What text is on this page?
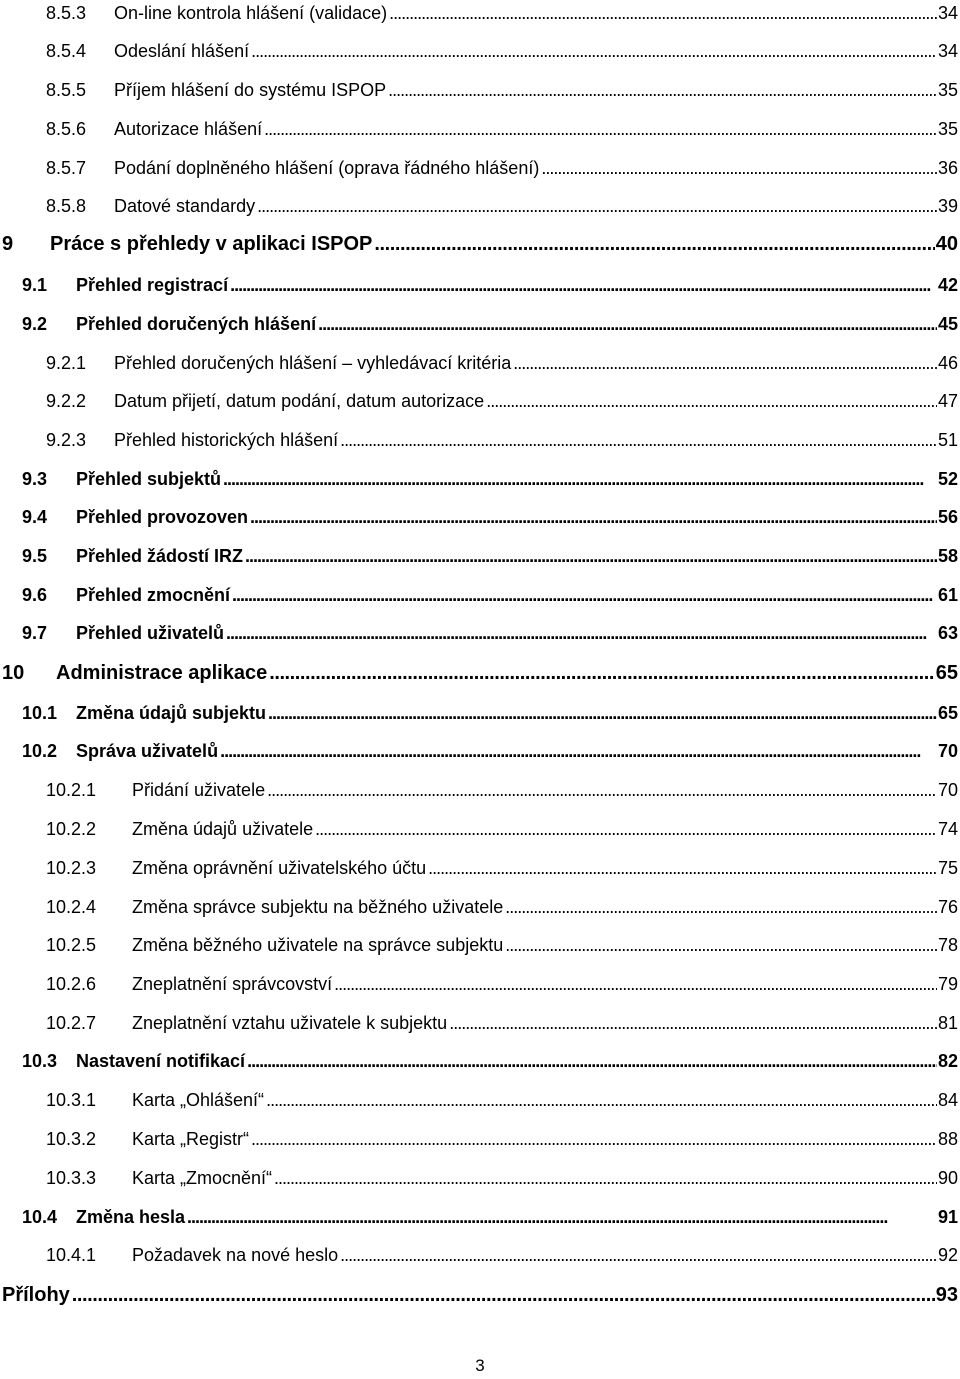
8.5.3	On-line kontrola hlášení (validace) . . .	34
8.5.4	Odeslání hlášení . . .	34
8.5.5	Příjem hlášení do systému ISPOP . . .	35
8.5.6	Autorizace hlášení . . .	35
8.5.7	Podání doplněného hlášení (oprava řádného hlášení) . . .	36
8.5.8	Datové standardy . . .	39
9	Práce s přehledy v aplikaci ISPOP . . .	40
9.1	Přehled registrací . . .	42
9.2	Přehled doručených hlášení . . .	45
9.2.1	Přehled doručených hlášení – vyhledávací kritéria . . .	46
9.2.2	Datum přijetí, datum podání, datum autorizace . . .	47
9.2.3	Přehled historických hlášení . . .	51
9.3	Přehled subjektů . . .	52
9.4	Přehled provozoven . . .	56
9.5	Přehled žádostí IRZ . . .	58
9.6	Přehled zmocnění . . .	61
9.7	Přehled uživatelů . . .	63
10	Administrace aplikace . . .	65
10.1	Změna údajů subjektu . . .	65
10.2	Správa uživatelů . . .	70
10.2.1	Přidání uživatele . . .	70
10.2.2	Změna údajů uživatele . . .	74
10.2.3	Změna oprávnění uživatelského účtu . . .	75
10.2.4	Změna správce subjektu na běžného uživatele . . .	76
10.2.5	Změna běžného uživatele na správce subjektu . . .	78
10.2.6	Zneplatnění správcovství . . .	79
10.2.7	Zneplatnění vztahu uživatele k subjektu . . .	81
10.3	Nastavení notifikací . . .	82
10.3.1	Karta „Ohlášení“ . . .	84
10.3.2	Karta „Registr“ . . .	88
10.3.3	Karta „Zmocnění“ . . .	90
10.4	Změna hesla . . .	91
10.4.1	Požadavek na nové heslo . . .	92
Přílohy . . .	93
3
